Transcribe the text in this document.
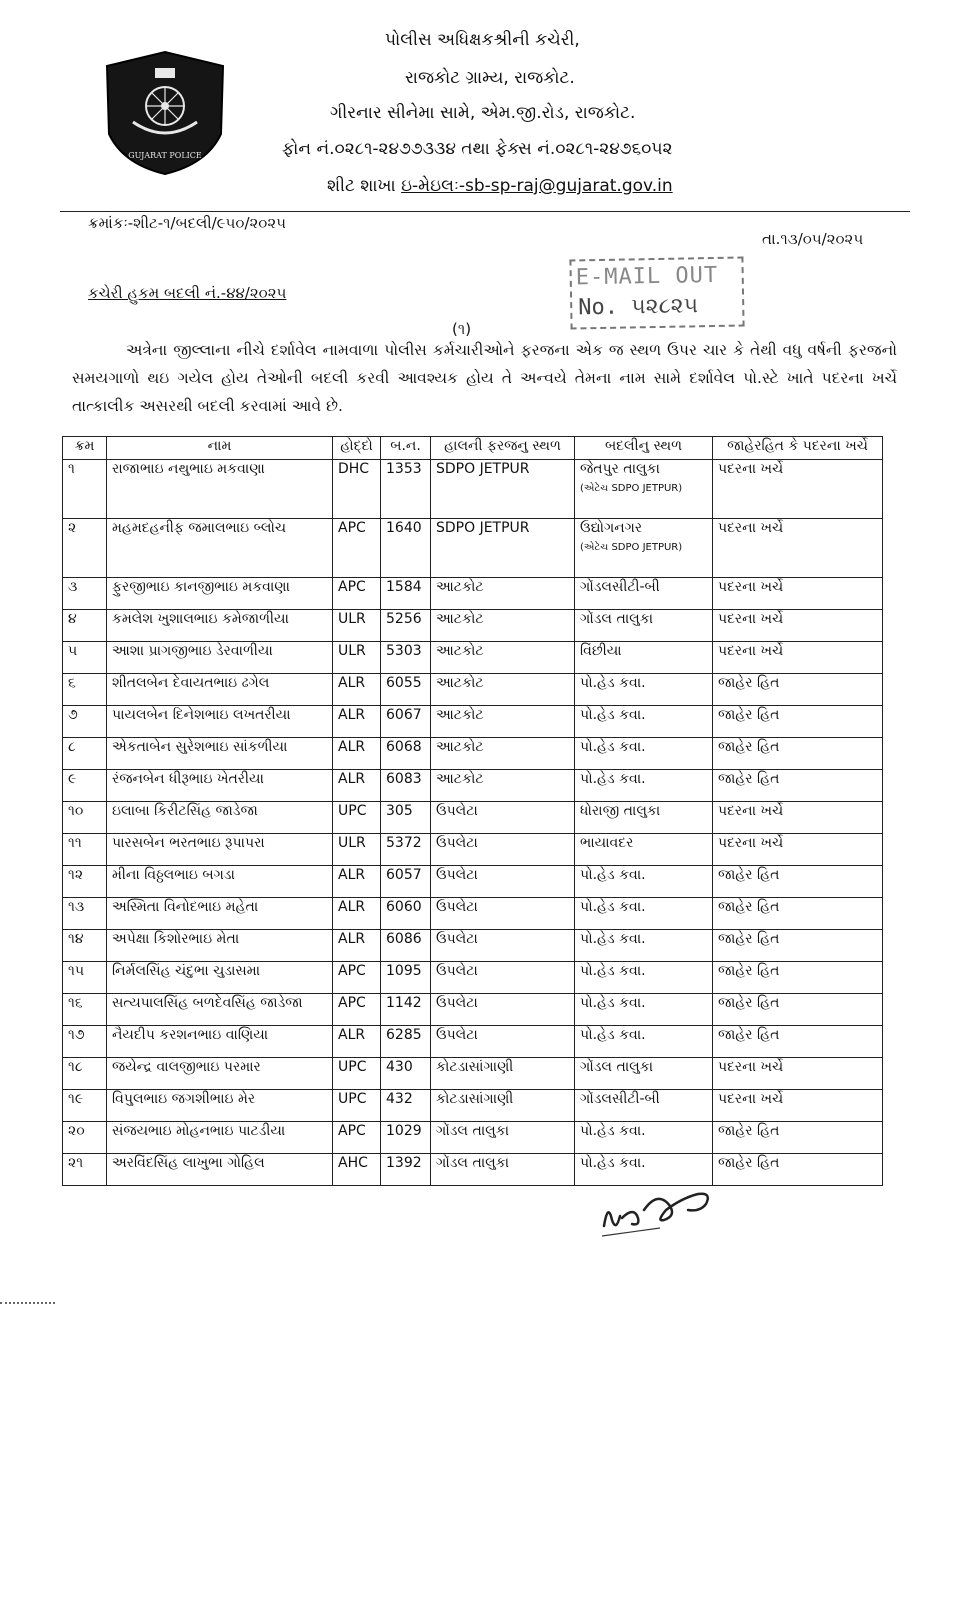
GUJARAT POLICE
પોલીસ અધિક્ષકશ્રીની કચેરી,
રાજકોટ ગ્રામ્ય, રાજકોટ.
ગીરનાર સીનેમા સામે, એમ.જી.રોડ, રાજકોટ.
ફોન નં.૦૨૮૧-૨૪૭૭૩૩૪ તથા ફેક્સ નં.૦૨૮૧-૨૪૭૬૦૫૨
શીટ શાખા ઇ-મેઇલઃ-sb-sp-raj@gujarat.gov.in
ક્રમાંકઃ-શીટ-૧/બદલી/૯૫૦/૨૦૨૫
તા.૧૩/૦૫/૨૦૨૫
કચેરી હુકમ બદલી નં.-૪૪/૨૦૨૫
E-MAIL OUT
No. ૫૨૮૨૫
(૧)
અત્રેના જીલ્લાના નીચે દર્શાવેલ નામવાળા પોલીસ કર્મચારીઓને ફરજના એક જ સ્થળ ઉપર ચાર કે તેથી વધુ વર્ષની ફરજનો સમયગાળો થઇ ગયેલ હોય તેઓની બદલી કરવી આવશ્યક હોય તે અન્વયે તેમના નામ સામે દર્શાવેલ પો.સ્ટે ખાતે પદરના ખર્ચે તાત્કાલીક અસરથી બદલી કરવામાં આવે છે.
ક્રમ	નામ	હોદ્દો	બ.ન.	હાલની ફરજનુ સ્થળ	બદલીનુ સ્થળ	જાહેરહિત કે પદરના ખર્ચે
૧	રાજાભાઇ નથુભાઇ મકવાણા	DHC	1353	SDPO JETPUR	જેતપુર તાલુકા
(એટેચ SDPO JETPUR)	પદરના ખર્ચે
૨	મહમદહનીફ જમાલભાઇ બ્લોચ	APC	1640	SDPO JETPUR	ઉદ્યોગનગર
(એટેચ SDPO JETPUR)	પદરના ખર્ચે
૩	ફુરજીભાઇ કાનજીભાઇ મકવાણા	APC	1584	આટકોટ	ગોંડલસીટી-બી	પદરના ખર્ચે
૪	કમલેશ ખુશાલભાઇ કમેજાળીયા	ULR	5256	આટકોટ	ગોંડલ તાલુકા	પદરના ખર્ચે
૫	આશા પ્રાગજીભાઇ ડેરવાળીયા	ULR	5303	આટકોટ	વિંછીયા	પદરના ખર્ચે
૬	શીતલબેન દેવાયતભાઇ ઢગેલ	ALR	6055	આટકોટ	પો.હેડ કવા.	જાહેર હિત
૭	પાયલબેન દિનેશભાઇ લખતરીયા	ALR	6067	આટકોટ	પો.હેડ કવા.	જાહેર હિત
૮	એકતાબેન સુરેશભાઇ સાંકળીયા	ALR	6068	આટકોટ	પો.હેડ કવા.	જાહેર હિત
૯	રંજનબેન ધીરૂભાઇ ખેતરીયા	ALR	6083	આટકોટ	પો.હેડ કવા.	જાહેર હિત
૧૦	ઇલાબા કિરીટસિંહ જાડેજા	UPC	305	ઉપલેટા	ધોરાજી તાલુકા	પદરના ખર્ચે
૧૧	પારસબેન ભરતભાઇ રૂપાપરા	ULR	5372	ઉપલેટા	ભાયાવદર	પદરના ખર્ચે
૧૨	મીના વિઠ્ઠલભાઇ બગડા	ALR	6057	ઉપલેટા	પો.હેડ કવા.	જાહેર હિત
૧૩	અસ્મિતા વિનોદભાઇ મહેતા	ALR	6060	ઉપલેટા	પો.હેડ કવા.	જાહેર હિત
૧૪	અપેક્ષા કિશોરભાઇ મેતા	ALR	6086	ઉપલેટા	પો.હેડ કવા.	જાહેર હિત
૧૫	નિર્મલસિંહ ચંદુભા ચુડાસમા	APC	1095	ઉપલેટા	પો.હેડ કવા.	જાહેર હિત
૧૬	સત્યપાલસિંહ બળદેવસિંહ જાડેજા	APC	1142	ઉપલેટા	પો.હેડ કવા.	જાહેર હિત
૧૭	નૈયદીપ કરશનભાઇ વાણિયા	ALR	6285	ઉપલેટા	પો.હેડ કવા.	જાહેર હિત
૧૮	જયેન્દ્ર વાલજીભાઇ પરમાર	UPC	430	કોટડાસાંગાણી	ગોંડલ તાલુકા	પદરના ખર્ચે
૧૯	વિપુલભાઇ જગશીભાઇ મેર	UPC	432	કોટડાસાંગાણી	ગોંડલસીટી-બી	પદરના ખર્ચે
૨૦	સંજયભાઇ મોહનભાઇ પાટડીયા	APC	1029	ગોંડલ તાલુકા	પો.હેડ કવા.	જાહેર હિત
૨૧	અરવિંદસિંહ લાખુભા ગોહિલ	AHC	1392	ગોંડલ તાલુકા	પો.હેડ કવા.	જાહેર હિત
